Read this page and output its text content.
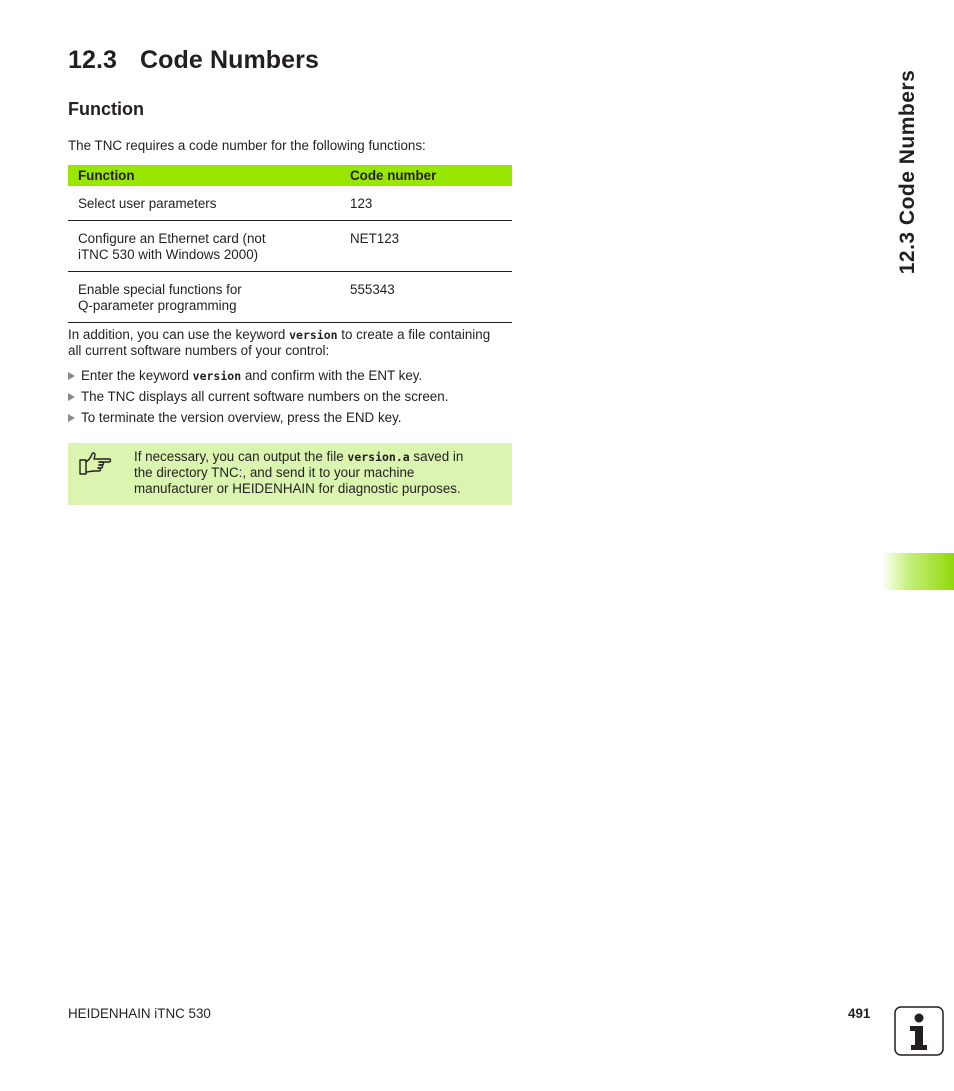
12.3 Code Numbers
Function
The TNC requires a code number for the following functions:
Function	Code number
Select user parameters	123
Configure an Ethernet card (not
iTNC 530 with Windows 2000)	NET123
Enable special functions for
Q-parameter programming	555343
In addition, you can use the keyword version to create a file containing
all current software numbers of your control:
Enter the keyword version and confirm with the ENT key.
The TNC displays all current software numbers on the screen.
To terminate the version overview, press the END key.
If necessary, you can output the file version.a saved in
the directory TNC:, and send it to your machine
manufacturer or HEIDENHAIN for diagnostic purposes.
12.3 Code Numbers
HEIDENHAIN iTNC 530	491
